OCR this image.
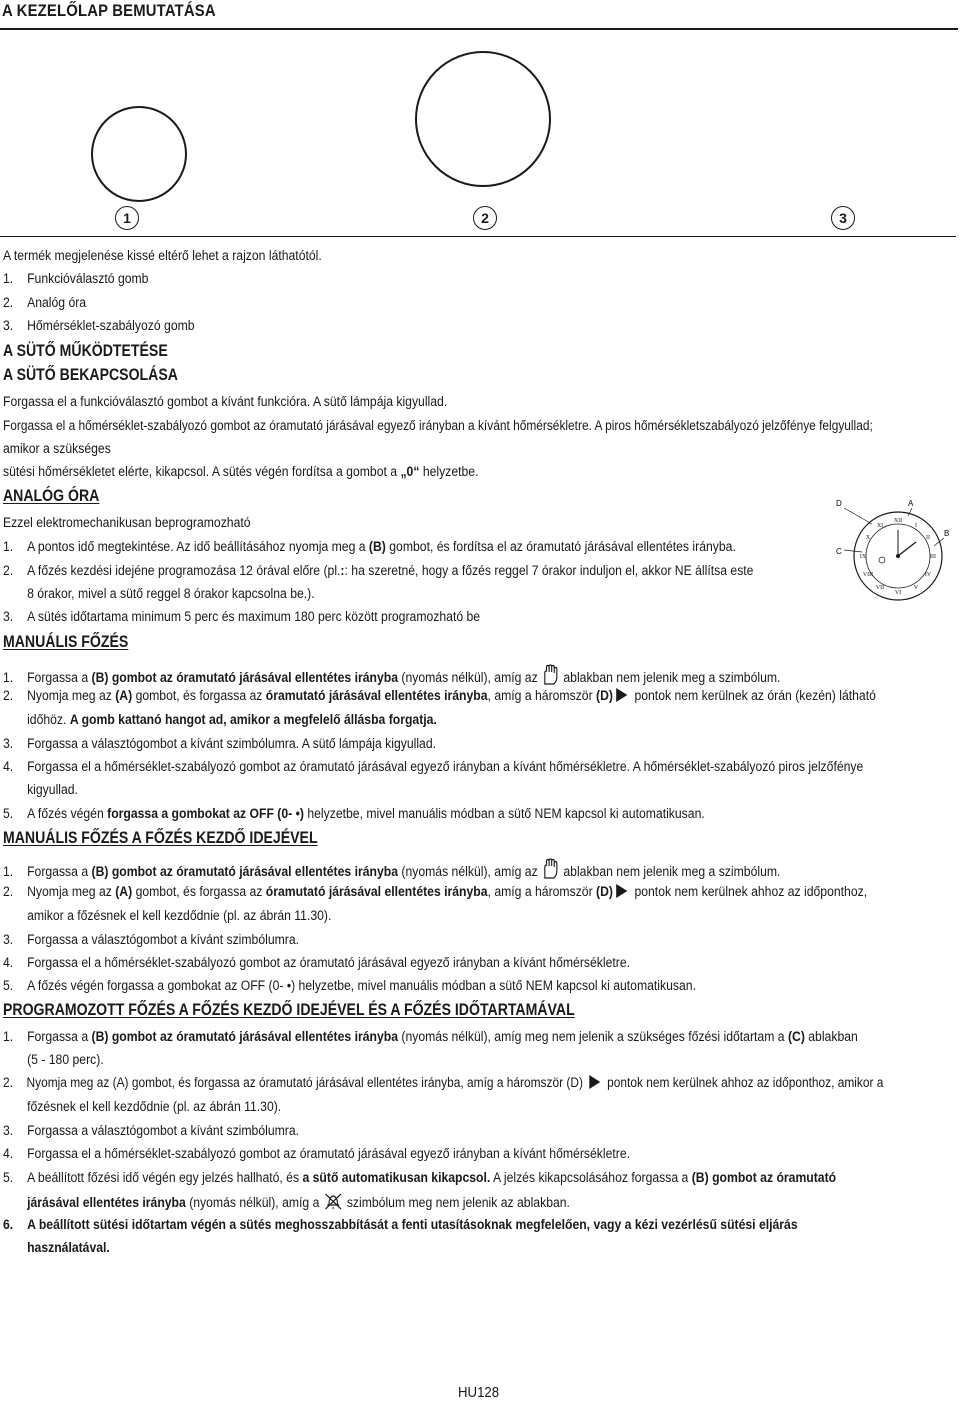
A KEZELŐLAP BEMUTATÁSA
1	2	3
A termék megjelenése kissé eltérő lehet a rajzon láthatótól.
1. Funkcióválasztó gomb
2. Analóg óra
3. Hőmérséklet-szabályozó gomb
A SÜTŐ MŰKÖDTETÉSE
A SÜTŐ BEKAPCSOLÁSA
Forgassa el a funkcióválasztó gombot a kívánt funkcióra. A sütő lámpája kigyullad.
Forgassa el a hőmérséklet-szabályozó gombot az óramutató járásával egyező irányban a kívánt hőmérsékletre. A piros hőmérsékletszabályozó jelzőfénye felgyullad;
amikor a szükséges
sütési hőmérsékletet elérte, kikapcsol. A sütés végén fordítsa a gombot a „0“ helyzetbe.
ANALÓG ÓRA
Ezzel elektromechanikusan beprogramozható
1. A pontos idő megtekintése. Az idő beállításához nyomja meg a (B) gombot, és fordítsa el az óramutató járásával ellentétes irányba.
2. A főzés kezdési idejéne programozása 12 órával előre (pl.:: ha szeretné, hogy a főzés reggel 7 órakor induljon el, akkor NE állítsa este
8 órakor, mivel a sütő reggel 8 órakor kapcsolna be.).
3. A sütés időtartama minimum 5 perc és maximum 180 perc között programozható be
XII
I
II
III
IV
V
VI
VII
VIII
IX
X
XI
D	A
C
B
MANUÁLIS FŐZÉS
1. Forgassa a (B) gombot az óramutató járásával ellentétes irányba (nyomás nélkül), amíg az  ablakban nem jelenik meg a szimbólum.
2. Nyomja meg az (A) gombot, és forgassa az óramutató járásával ellentétes irányba, amíg a háromször (D) pontok nem kerülnek az órán (kezén) látható
időhöz. A gomb kattanó hangot ad, amikor a megfelelő állásba forgatja.
3. Forgassa a választógombot a kívánt szimbólumra. A sütő lámpája kigyullad.
4. Forgassa el a hőmérséklet-szabályozó gombot az óramutató járásával egyező irányban a kívánt hőmérsékletre. A hőmérséklet-szabályozó piros jelzőfénye
kigyullad.
5. A főzés végén forgassa a gombokat az OFF (0- •) helyzetbe, mivel manuális módban a sütő NEM kapcsol ki automatikusan.
MANUÁLIS FŐZÉS A FŐZÉS KEZDŐ IDEJÉVEL
1. Forgassa a (B) gombot az óramutató járásával ellentétes irányba (nyomás nélkül), amíg az  ablakban nem jelenik meg a szimbólum.
2. Nyomja meg az (A) gombot, és forgassa az óramutató járásával ellentétes irányba, amíg a háromször (D) pontok nem kerülnek ahhoz az időponthoz,
amikor a főzésnek el kell kezdődnie (pl. az ábrán 11.30).
3. Forgassa a választógombot a kívánt szimbólumra.
4. Forgassa el a hőmérséklet-szabályozó gombot az óramutató járásával egyező irányban a kívánt hőmérsékletre.
5. A főzés végén forgassa a gombokat az OFF (0- •) helyzetbe, mivel manuális módban a sütő NEM kapcsol ki automatikusan.
PROGRAMOZOTT FŐZÉS A FŐZÉS KEZDŐ IDEJÉVEL ÉS A FŐZÉS IDŐTARTAMÁVAL
1. Forgassa a (B) gombot az óramutató járásával ellentétes irányba (nyomás nélkül), amíg meg nem jelenik a szükséges főzési időtartam a (C) ablakban
(5 - 180 perc).
2. Nyomja meg az (A) gombot, és forgassa az óramutató járásával ellentétes irányba, amíg a háromször (D)  pontok nem kerülnek ahhoz az időponthoz, amikor a
főzésnek el kell kezdődnie (pl. az ábrán 11.30).
3. Forgassa a választógombot a kívánt szimbólumra.
4. Forgassa el a hőmérséklet-szabályozó gombot az óramutató járásával egyező irányban a kívánt hőmérsékletre.
5. A beállított főzési idő végén egy jelzés hallható, és a sütő automatikusan kikapcsol. A jelzés kikapcsolásához forgassa a (B) gombot az óramutató
járásával ellentétes irányba (nyomás nélkül), amíg a  szimbólum meg nem jelenik az ablakban.
6. A beállított sütési időtartam végén a sütés meghosszabbítását a fenti utasításoknak megfelelően, vagy a kézi vezérlésű sütési eljárás
használatával.
HU128
